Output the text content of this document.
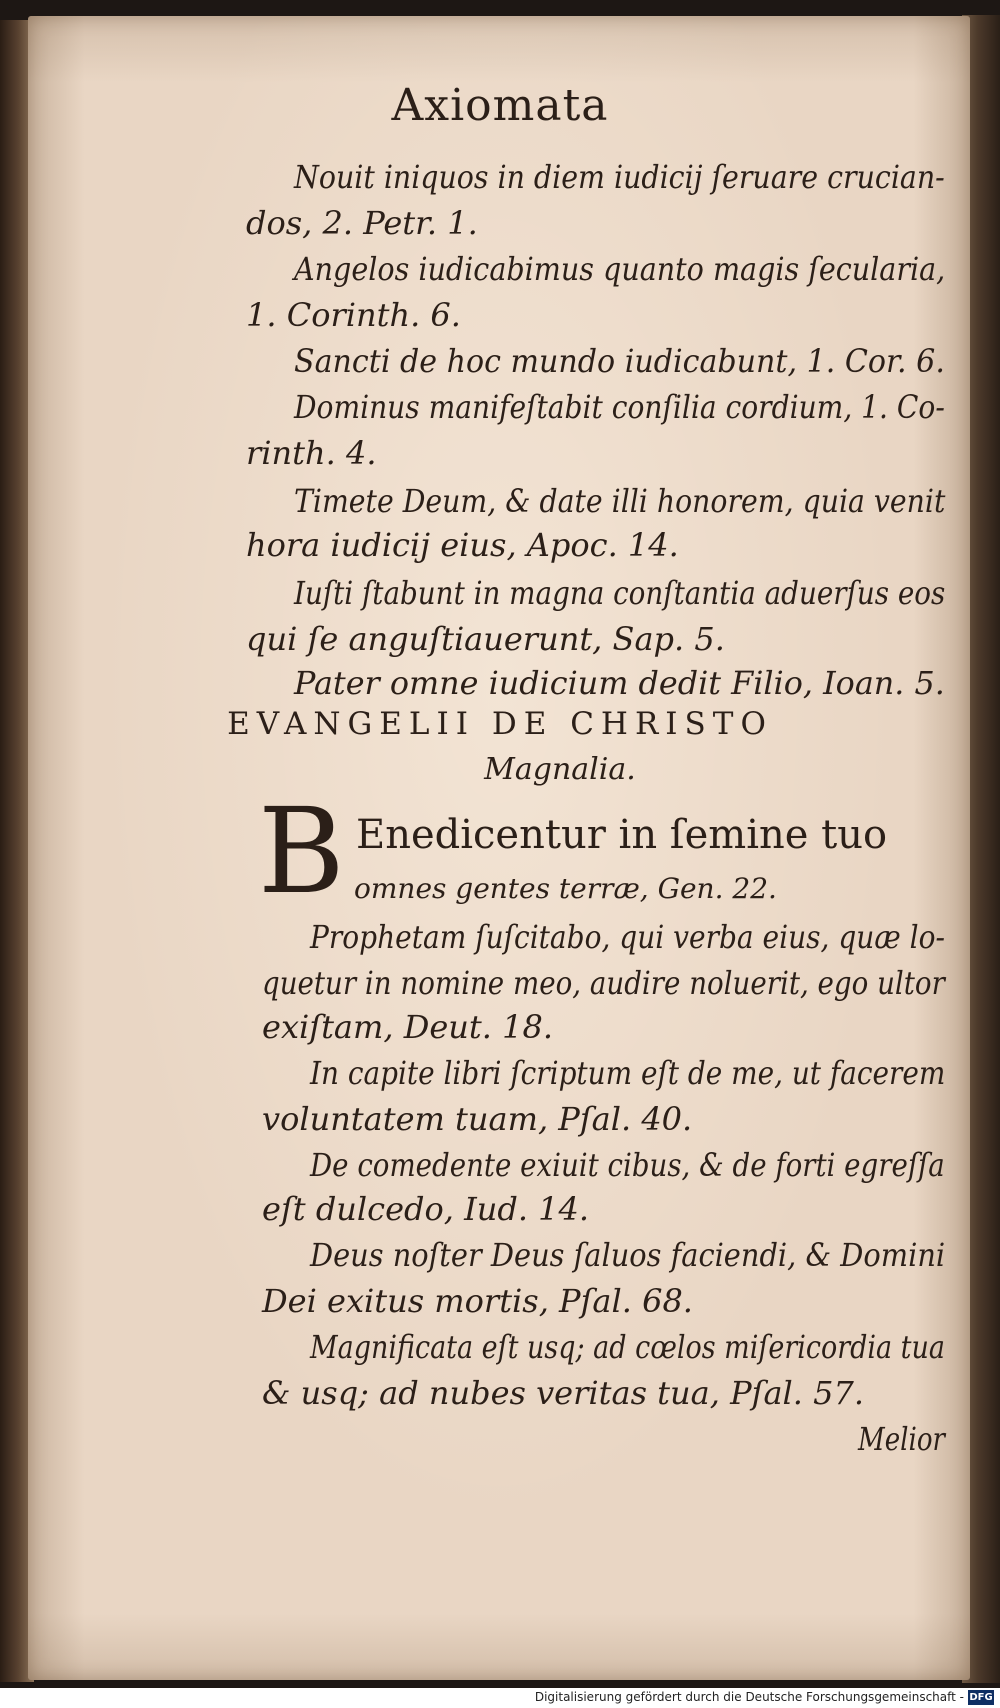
Axiomata
Nouit iniquos in diem iudicij ſeruare crucian-
dos, 2. Petr. 1.
Angelos iudicabimus quanto magis ſecularia,
1. Corinth. 6.
Sancti de hoc mundo iudicabunt, 1. Cor. 6.
Dominus manifeſtabit conſilia cordium, 1. Co-
rinth. 4.
Timete Deum, & date illi honorem, quia venit
hora iudicij eius, Apoc. 14.
Iuſti ſtabunt in magna conſtantia aduerſus eos
qui ſe anguſtiauerunt, Sap. 5.
Pater omne iudicium dedit Filio, Ioan. 5.
EVANGELII DE CHRISTO
Magnalia.
B Enedicentur in ſemine tuo
omnes gentes terræ, Gen. 22.
Prophetam ſuſcitabo, qui verba eius, quæ lo-
quetur in nomine meo, audire noluerit, ego ultor
exiſtam, Deut. 18.
In capite libri ſcriptum eſt de me, ut facerem
voluntatem tuam, Pſal. 40.
De comedente exiuit cibus, & de forti egreſſa
eſt dulcedo, Iud. 14.
Deus noſter Deus ſaluos faciendi, & Domini
Dei exitus mortis, Pſal. 68.
Magnificata eſt usq; ad cœlos miſericordia tua
& usq; ad nubes veritas tua, Pſal. 57.
Melior
Digitalisierung gefördert durch die Deutsche Forschungsgemeinschaft - DFG
